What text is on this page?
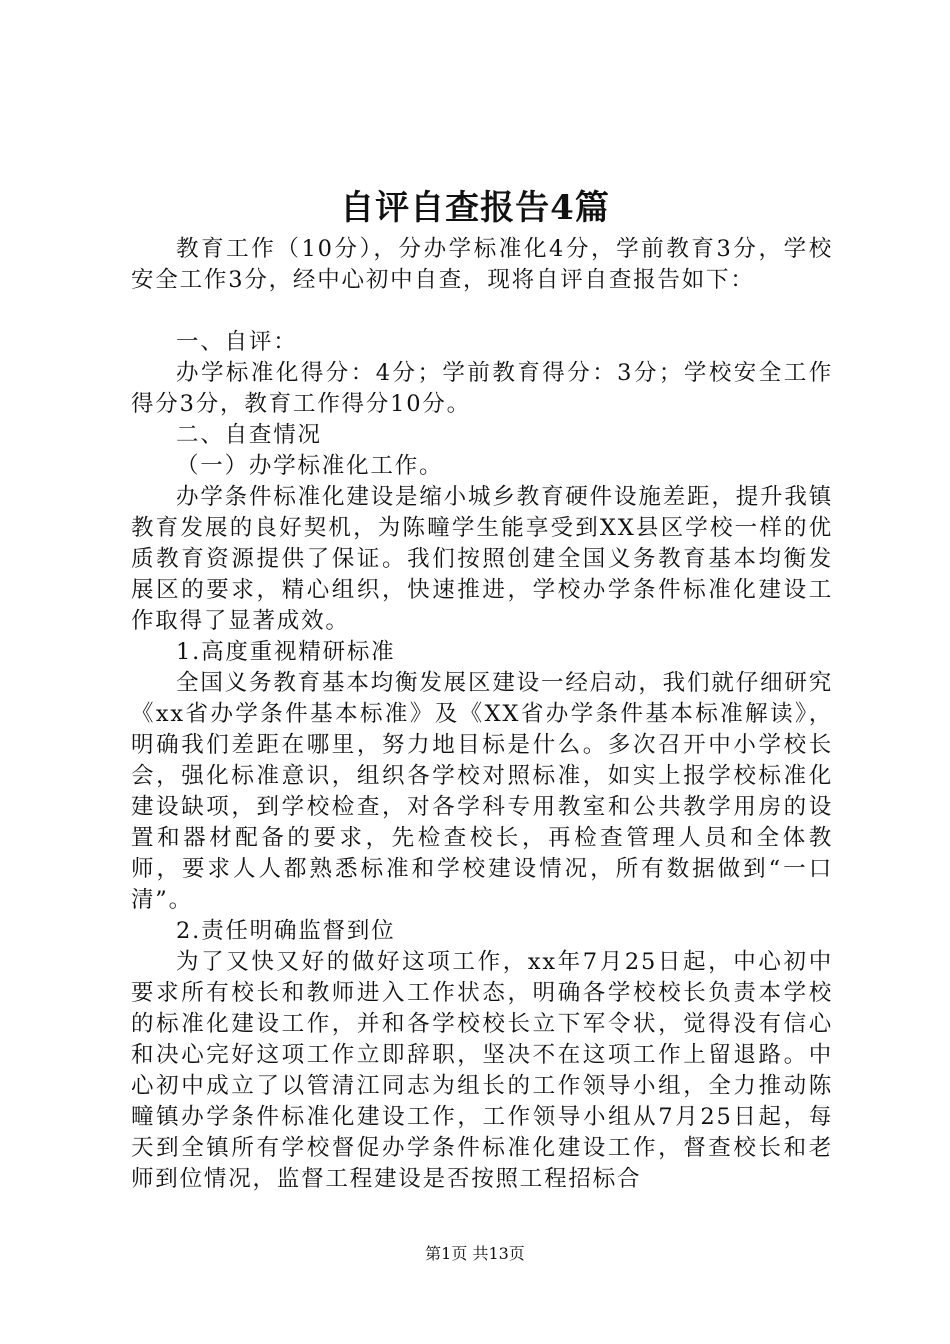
自评自查报告4篇

教育工作（10分），分办学标准化4分，学前教育3分，学校安全工作3分，经中心初中自查，现将自评自查报告如下：

一、自评：

办学标准化得分：4分；学前教育得分：3分；学校安全工作得分3分，教育工作得分10分。

二、自查情况

（一）办学标准化工作。

办学条件标准化建设是缩小城乡教育硬件设施差距，提升我镇教育发展的良好契机，为陈疃学生能享受到XX县区学校一样的优质教育资源提供了保证。我们按照创建全国义务教育基本均衡发展区的要求，精心组织，快速推进，学校办学条件标准化建设工作取得了显著成效。

1.高度重视精研标准

全国义务教育基本均衡发展区建设一经启动，我们就仔细研究《xx省办学条件基本标准》及《XX省办学条件基本标准解读》，明确我们差距在哪里，努力地目标是什么。多次召开中小学校长会，强化标准意识，组织各学校对照标准，如实上报学校标准化建设缺项，到学校检查，对各学科专用教室和公共教学用房的设置和器材配备的要求，先检查校长，再检查管理人员和全体教师，要求人人都熟悉标准和学校建设情况，所有数据做到“一口清”。

2.责任明确监督到位

为了又快又好的做好这项工作，xx年7月25日起，中心初中要求所有校长和教师进入工作状态，明确各学校校长负责本学校的标准化建设工作，并和各学校校长立下军令状，觉得没有信心和决心完好这项工作立即辞职，坚决不在这项工作上留退路。中心初中成立了以管清江同志为组长的工作领导小组，全力推动陈疃镇办学条件标准化建设工作，工作领导小组从7月25日起，每天到全镇所有学校督促办学条件标准化建设工作，督查校长和老师到位情况，监督工程建设是否按照工程招标合

第1页 共13页
